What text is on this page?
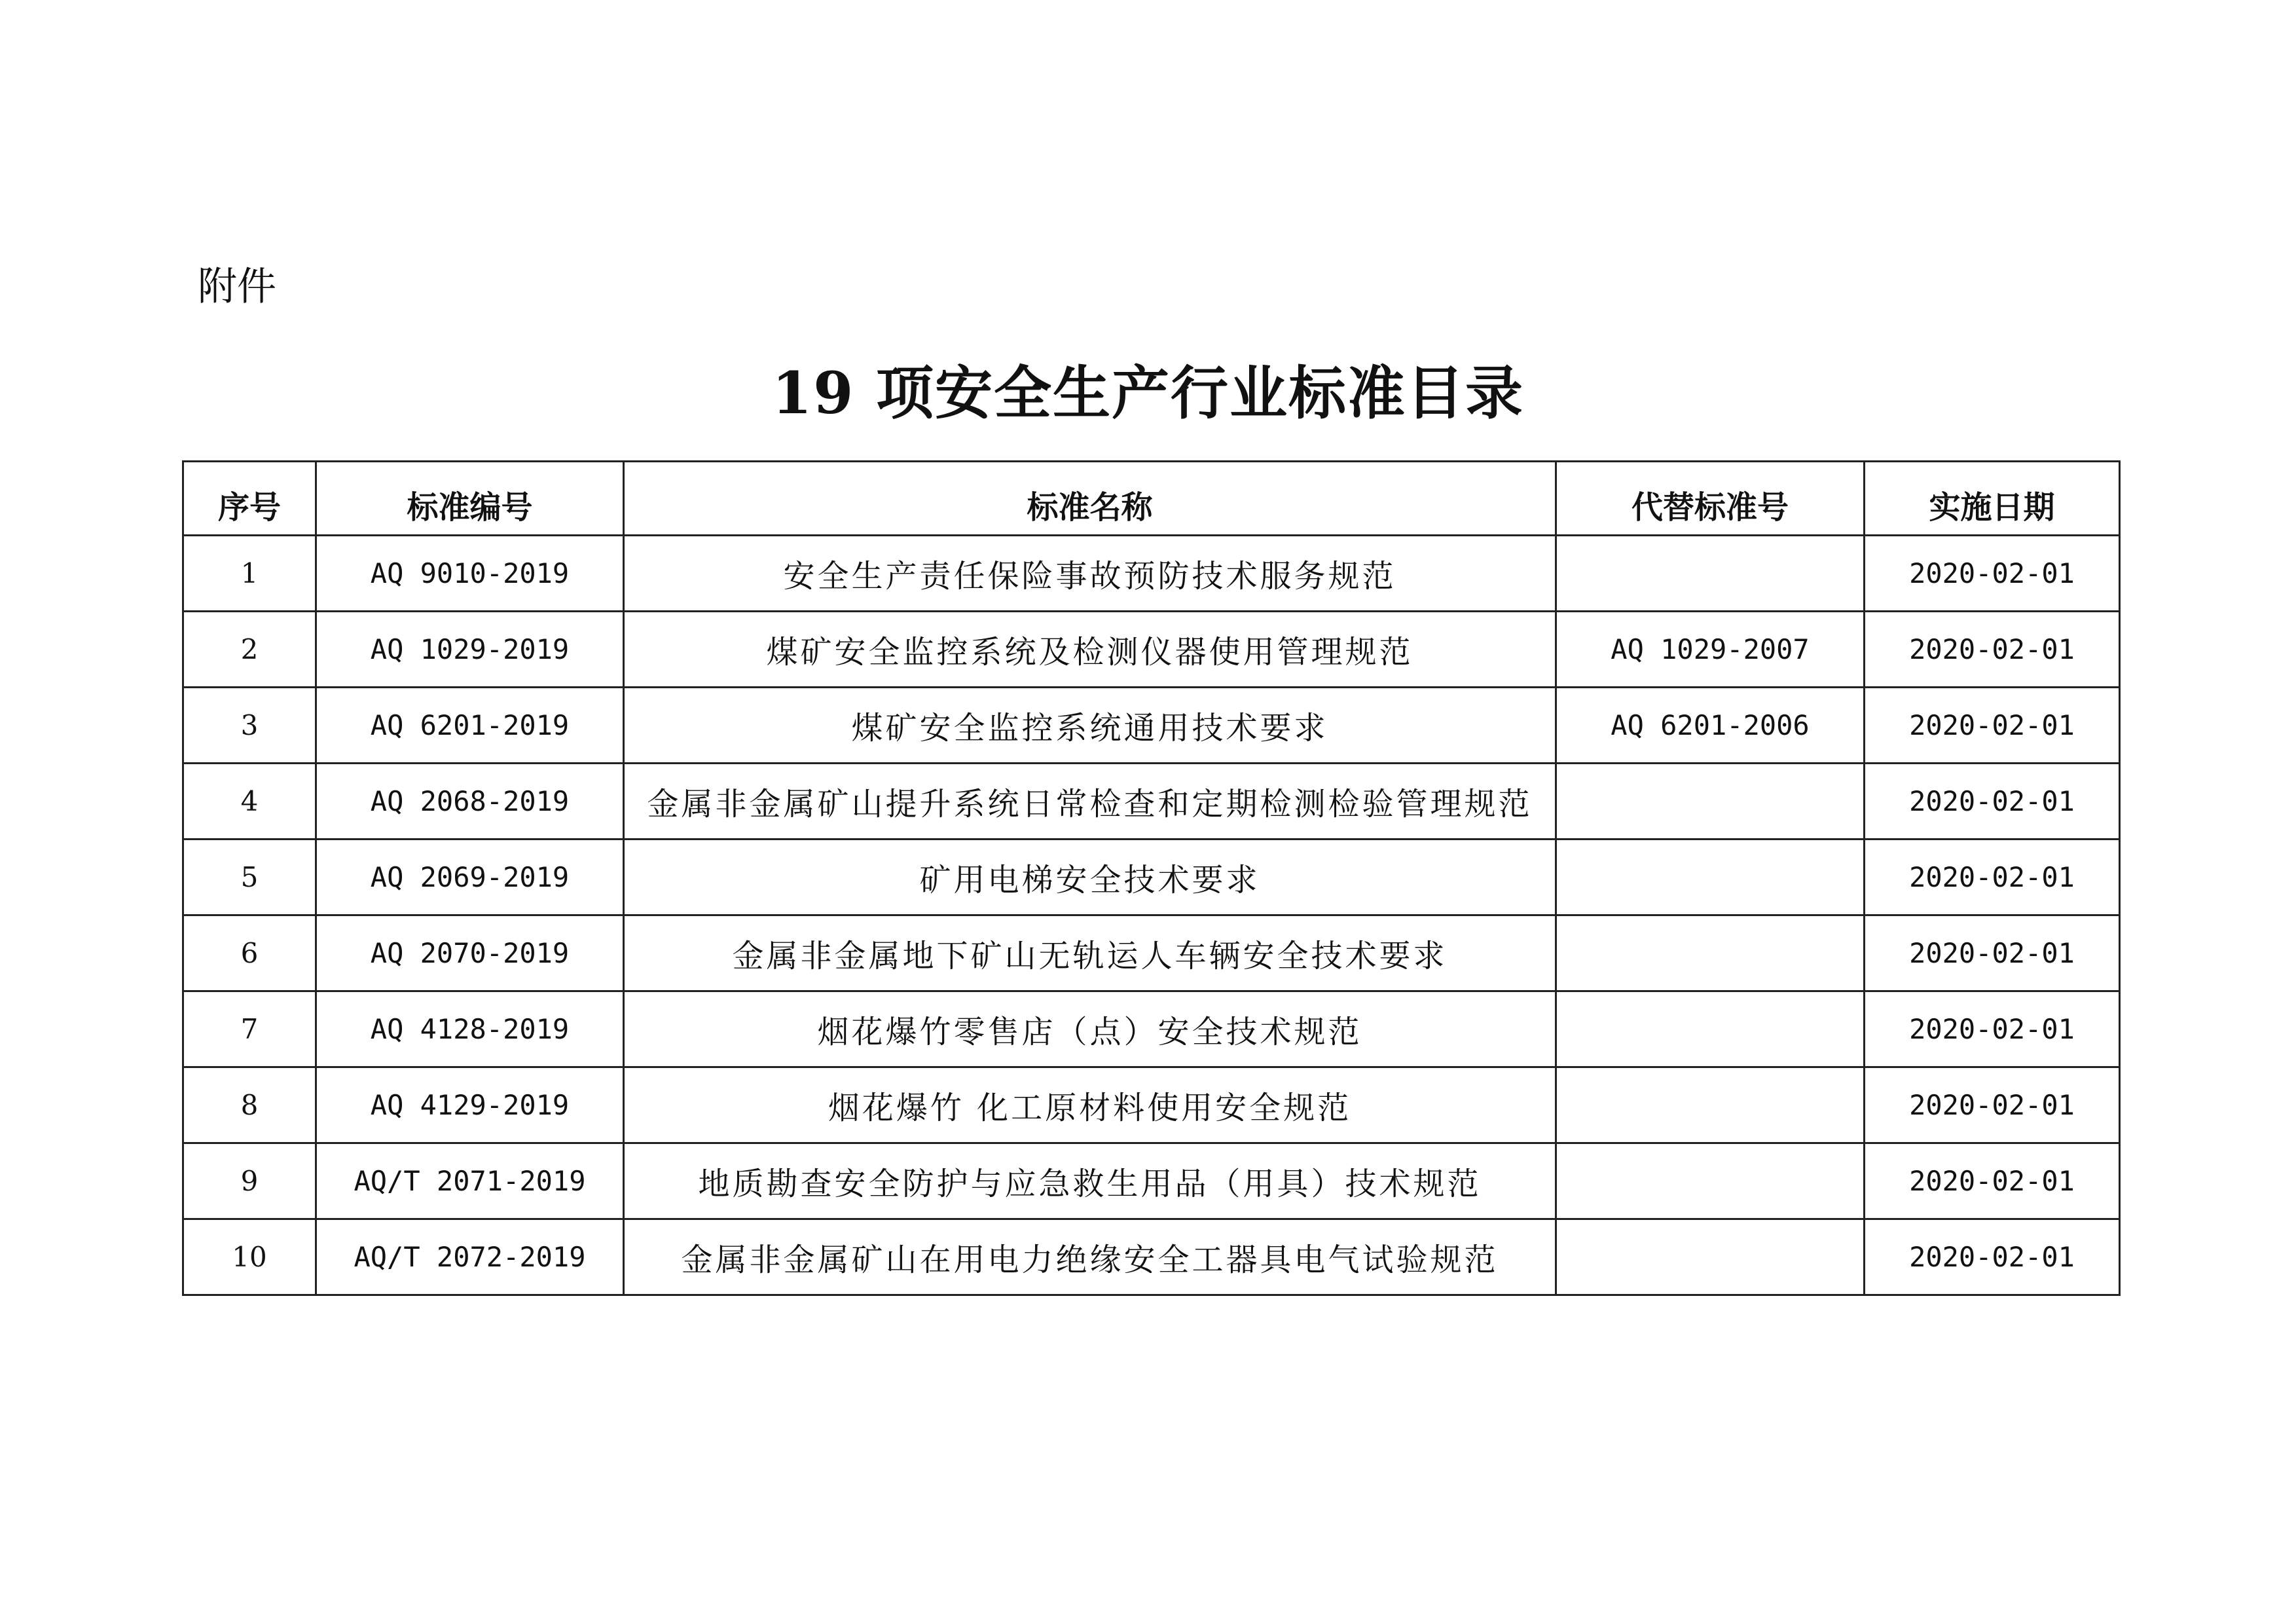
附件
19 项安全生产行业标准目录
序号	标准编号	标准名称	代替标准号	实施日期
1	AQ 9010-2019	安全生产责任保险事故预防技术服务规范		2020-02-01
2	AQ 1029-2019	煤矿安全监控系统及检测仪器使用管理规范	AQ 1029-2007	2020-02-01
3	AQ 6201-2019	煤矿安全监控系统通用技术要求	AQ 6201-2006	2020-02-01
4	AQ 2068-2019	金属非金属矿山提升系统日常检查和定期检测检验管理规范		2020-02-01
5	AQ 2069-2019	矿用电梯安全技术要求		2020-02-01
6	AQ 2070-2019	金属非金属地下矿山无轨运人车辆安全技术要求		2020-02-01
7	AQ 4128-2019	烟花爆竹零售店（点）安全技术规范		2020-02-01
8	AQ 4129-2019	烟花爆竹 化工原材料使用安全规范		2020-02-01
9	AQ/T 2071-2019	地质勘查安全防护与应急救生用品（用具）技术规范		2020-02-01
10	AQ/T 2072-2019	金属非金属矿山在用电力绝缘安全工器具电气试验规范		2020-02-01
